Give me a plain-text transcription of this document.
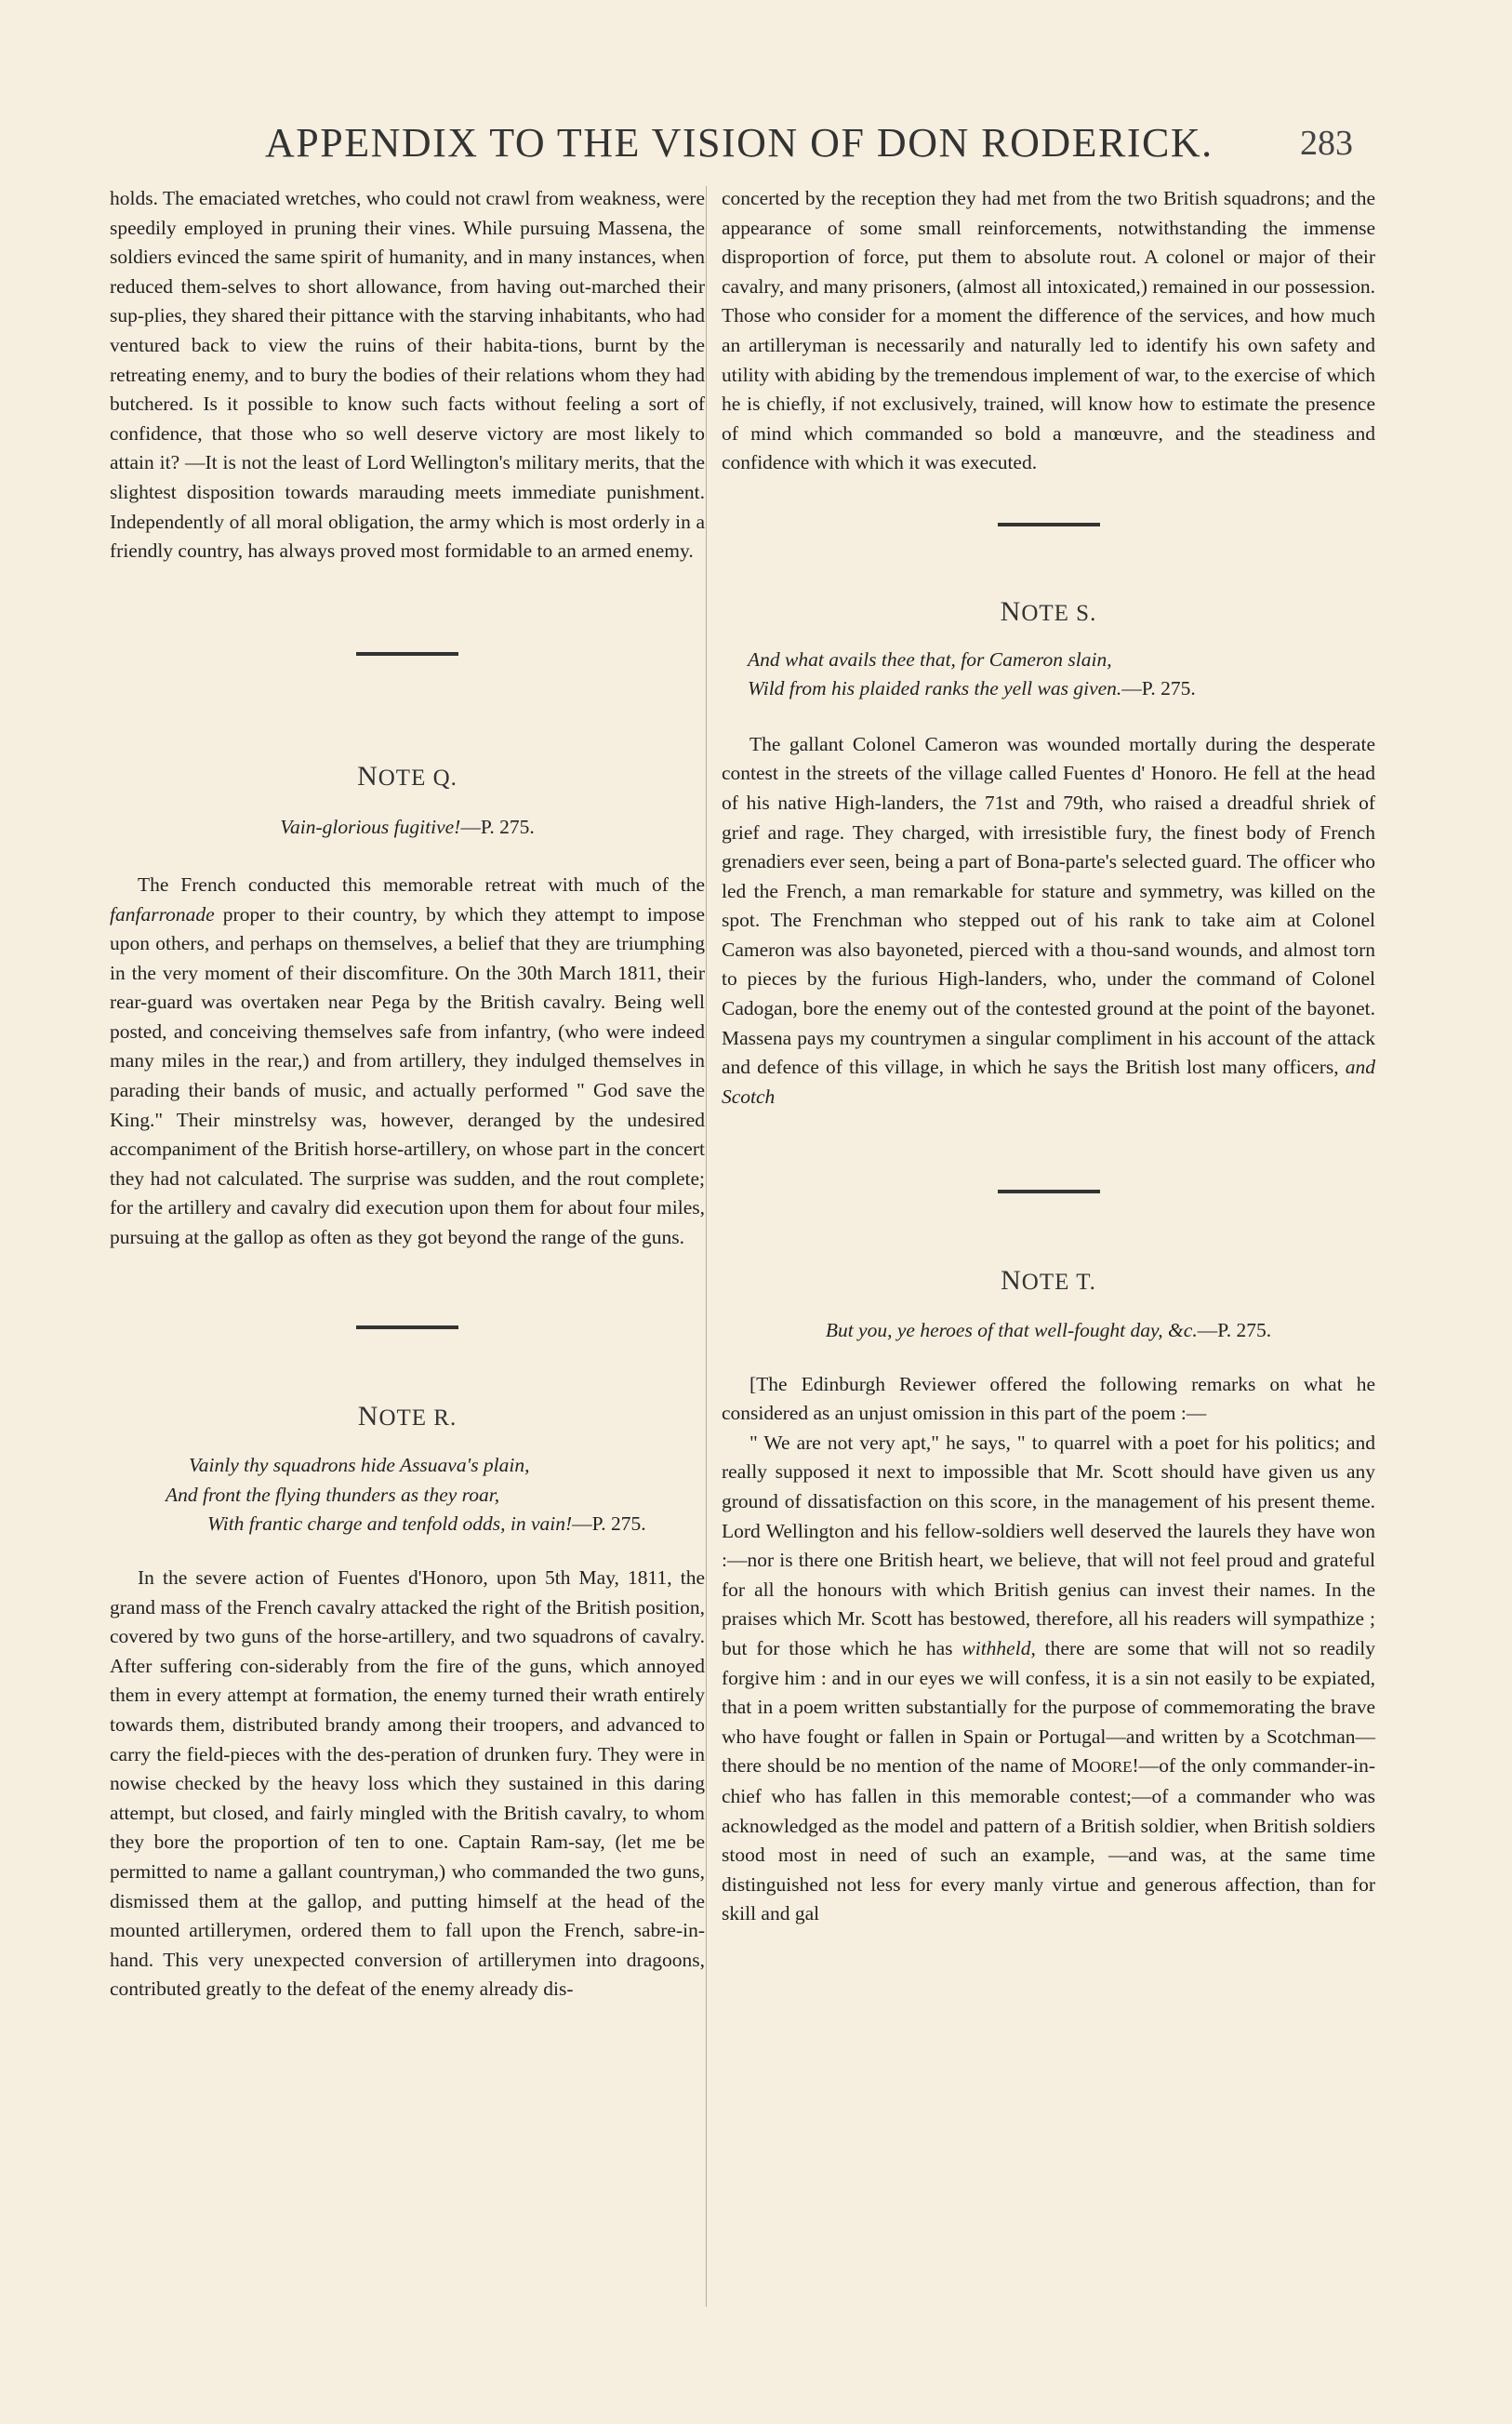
APPENDIX TO THE VISION OF DON RODERICK. 283

holds. The emaciated wretches, who could not crawl from weakness, were speedily employed in pruning their vines. While pursuing Massena, the soldiers evinced the same spirit of humanity, and in many instances, when reduced them-selves to short allowance, from having out-marched their sup-plies, they shared their pittance with the starving inhabitants, who had ventured back to view the ruins of their habita-tions, burnt by the retreating enemy, and to bury the bodies of their relations whom they had butchered. Is it possible to know such facts without feeling a sort of confidence, that those who so well deserve victory are most likely to attain it? —It is not the least of Lord Wellington's military merits, that the slightest disposition towards marauding meets immediate punishment. Independently of all moral obligation, the army which is most orderly in a friendly country, has always proved most formidable to an armed enemy.

NOTE Q.

Vain-glorious fugitive!—P. 275.

The French conducted this memorable retreat with much of the fanfarronade proper to their country, by which they attempt to impose upon others, and perhaps on themselves, a belief that they are triumphing in the very moment of their discomfiture. On the 30th March 1811, their rear-guard was overtaken near Pega by the British cavalry. Being well posted, and conceiving themselves safe from infantry, (who were indeed many miles in the rear,) and from artillery, they indulged themselves in parading their bands of music, and actually performed " God save the King." Their minstrelsy was, however, deranged by the undesired accompaniment of the British horse-artillery, on whose part in the concert they had not calculated. The surprise was sudden, and the rout complete; for the artillery and cavalry did execution upon them for about four miles, pursuing at the gallop as often as they got beyond the range of the guns.

NOTE R.

Vainly thy squadrons hide Assuava's plain,
And front the flying thunders as they roar,
With frantic charge and tenfold odds, in vain!—P. 275.

In the severe action of Fuentes d'Honoro, upon 5th May, 1811, the grand mass of the French cavalry attacked the right of the British position, covered by two guns of the horse-artillery, and two squadrons of cavalry. After suffering con-siderably from the fire of the guns, which annoyed them in every attempt at formation, the enemy turned their wrath entirely towards them, distributed brandy among their troopers, and advanced to carry the field-pieces with the des-peration of drunken fury. They were in nowise checked by the heavy loss which they sustained in this daring attempt, but closed, and fairly mingled with the British cavalry, to whom they bore the proportion of ten to one. Captain Ram-say, (let me be permitted to name a gallant countryman,) who commanded the two guns, dismissed them at the gallop, and putting himself at the head of the mounted artillerymen, ordered them to fall upon the French, sabre-in-hand. This very unexpected conversion of artillerymen into dragoons, contributed greatly to the defeat of the enemy already dis-

concerted by the reception they had met from the two British squadrons; and the appearance of some small reinforcements, notwithstanding the immense disproportion of force, put them to absolute rout. A colonel or major of their cavalry, and many prisoners, (almost all intoxicated,) remained in our possession. Those who consider for a moment the difference of the services, and how much an artilleryman is necessarily and naturally led to identify his own safety and utility with abiding by the tremendous implement of war, to the exercise of which he is chiefly, if not exclusively, trained, will know how to estimate the presence of mind which commanded so bold a manœuvre, and the steadiness and confidence with which it was executed.

NOTE S.

And what avails thee that, for Cameron slain,
Wild from his plaided ranks the yell was given.—P. 275.

The gallant Colonel Cameron was wounded mortally during the desperate contest in the streets of the village called Fuentes d' Honoro. He fell at the head of his native High-landers, the 71st and 79th, who raised a dreadful shriek of grief and rage. They charged, with irresistible fury, the finest body of French grenadiers ever seen, being a part of Bona-parte's selected guard. The officer who led the French, a man remarkable for stature and symmetry, was killed on the spot. The Frenchman who stepped out of his rank to take aim at Colonel Cameron was also bayoneted, pierced with a thou-sand wounds, and almost torn to pieces by the furious High-landers, who, under the command of Colonel Cadogan, bore the enemy out of the contested ground at the point of the bayonet. Massena pays my countrymen a singular compliment in his account of the attack and defence of this village, in which he says the British lost many officers, and Scotch

NOTE T.

But you, ye heroes of that well-fought day, &c.—P. 275.

[The Edinburgh Reviewer offered the following remarks on what he considered as an unjust omission in this part of the poem :—

" We are not very apt," he says, " to quarrel with a poet for his politics; and really supposed it next to impossible that Mr. Scott should have given us any ground of dissatisfaction on this score, in the management of his present theme. Lord Wellington and his fellow-soldiers well deserved the laurels they have won :—nor is there one British heart, we believe, that will not feel proud and grateful for all the honours with which British genius can invest their names. In the praises which Mr. Scott has bestowed, therefore, all his readers will sympathize ; but for those which he has withheld, there are some that will not so readily forgive him : and in our eyes we will confess, it is a sin not easily to be expiated, that in a poem written substantially for the purpose of commemorating the brave who have fought or fallen in Spain or Portugal—and written by a Scotchman—there should be no mention of the name of MOORE!—of the only commander-in-chief who has fallen in this memorable contest;—of a commander who was acknowledged as the model and pattern of a British soldier, when British soldiers stood most in need of such an example, —and was, at the same time distinguished not less for every manly virtue and generous affection, than for skill and gal
